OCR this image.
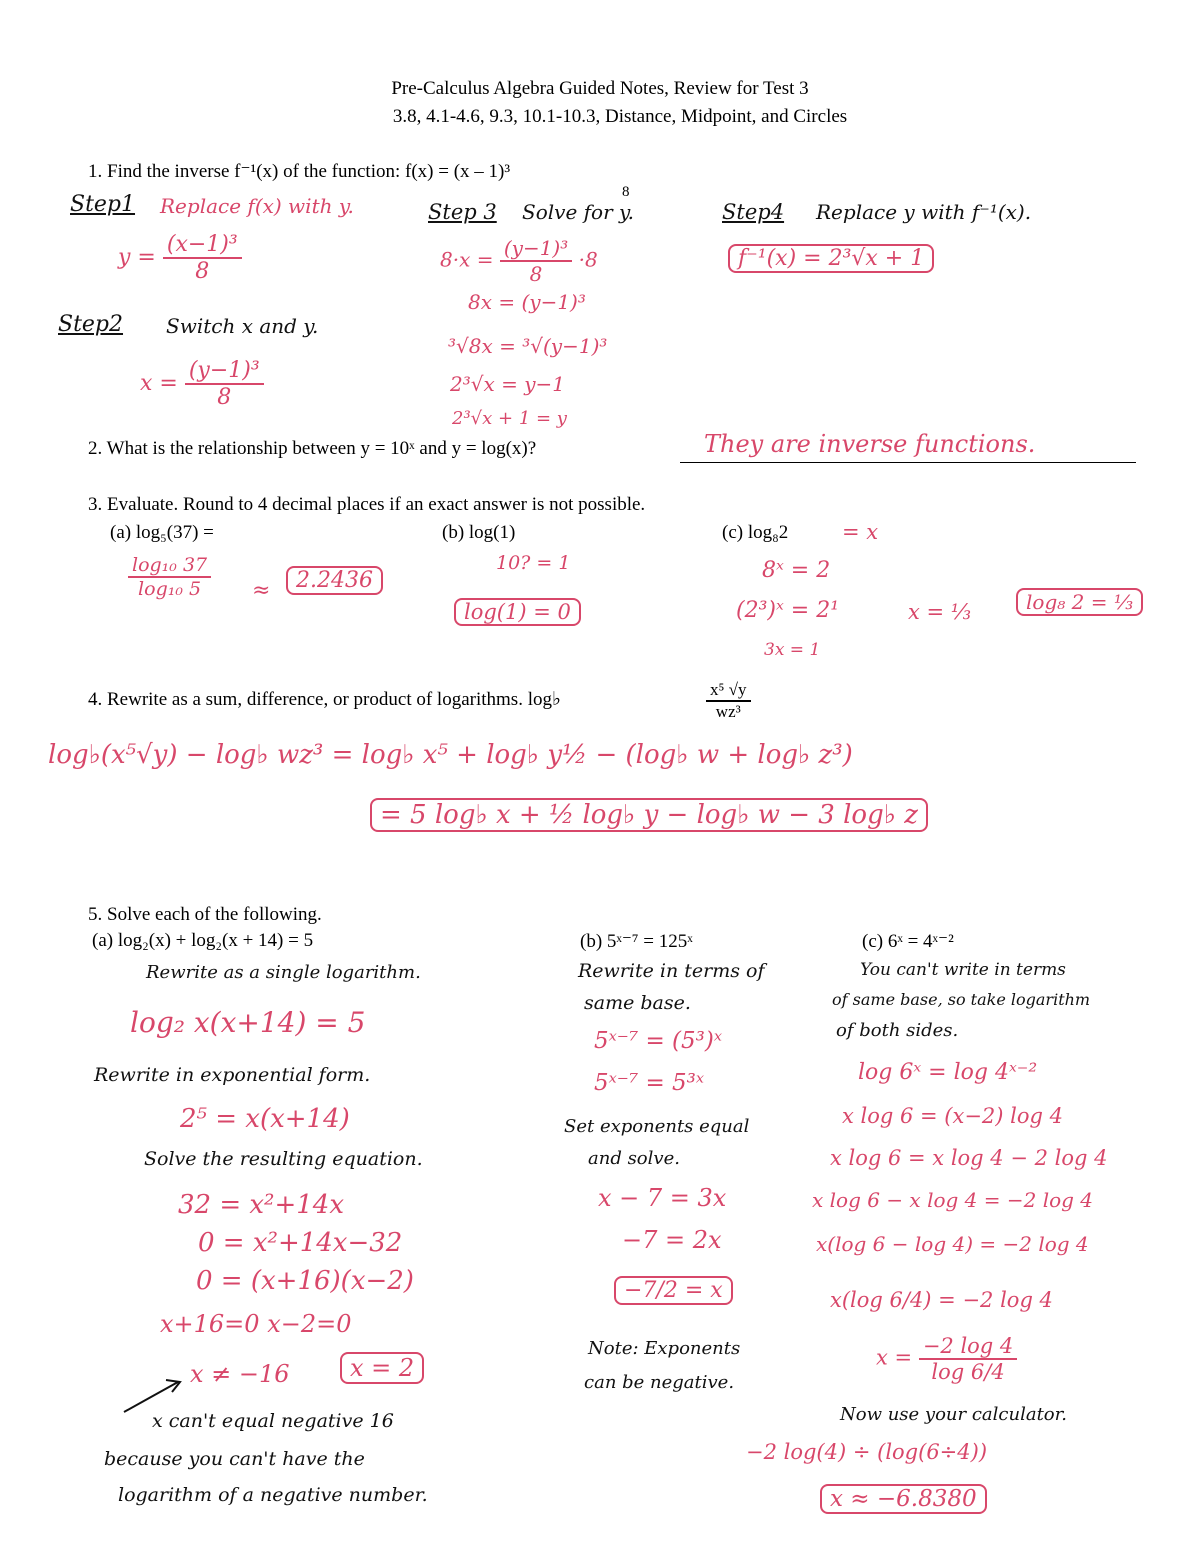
Pre-Calculus Algebra Guided Notes, Review for Test 3
3.8, 4.1-4.6, 9.3, 10.1-10.3, Distance, Midpoint, and Circles
1. Find the inverse f⁻¹(x) of the function: f(x) = (x – 1)³
8
Step1 Replace f(x) with y.
$y = \frac{\text{(x−1)³}}{8}$
Step2 Switch x and y.
$x = \frac{\text{(y−1)³}}{8}$
Step 3 Solve for y.
$8\cdot x = \frac{\text{(y−1)³}}{8} \cdot 8$
8x = (y−1)³
³√8x = ³√(y−1)³
2³√x = y−1
2³√x + 1 = y
Step4 Replace y with f⁻¹(x).
f⁻¹(x) = 2³√x + 1
2. What is the relationship between y = 10ˣ and y = log(x)?	They are inverse functions.
3. Evaluate. Round to 4 decimal places if an exact answer is not possible.
(a) log₅(37) =
$\frac{\text{log₁₀ 37}}{\text{log₁₀ 5}}$ ≈	2.2436
(b) log(1)
10? = 1
log(1) = 0
(c) log₈2	= x
8ˣ = 2
(2³)ˣ = 2¹
3x = 1
x = ⅓	log₈ 2 = ⅓
4. Rewrite as a sum, difference, or product of logarithms. log♭	$\frac{\text{x⁵ √y}}{\text{wz³}}$
log♭(x⁵√y) − log♭ wz³ = log♭ x⁵ + log♭ y½ − (log♭ w + log♭ z³)
= 5 log♭ x + ½ log♭ y − log♭ w − 3 log♭ z
5. Solve each of the following.
(a) log₂(x) + log₂(x + 14) = 5
Rewrite as a single logarithm.
log₂ x(x+14) = 5
Rewrite in exponential form.
2⁵ = x(x+14)
Solve the resulting equation.
32 = x²+14x
0 = x²+14x−32
0 = (x+16)(x−2)
x+16=0 x−2=0
x ≠ −16	x = 2
x can't equal negative 16
because you can't have the
logarithm of a negative number.
(b) 5ˣ⁻⁷ = 125ˣ
Rewrite in terms of
same base.
5ˣ⁻⁷ = (5³)ˣ
5ˣ⁻⁷ = 5³ˣ
Set exponents equal
and solve.
x − 7 = 3x
−7 = 2x
−7/2 = x
Note: Exponents
can be negative.
(c) 6ˣ = 4ˣ⁻²
You can't write in terms
of same base, so take logarithm
of both sides.
log 6ˣ = log 4ˣ⁻²
x log 6 = (x−2) log 4
x log 6 = x log 4 − 2 log 4
x log 6 − x log 4 = −2 log 4
x(log 6 − log 4) = −2 log 4
x(log 6/4) = −2 log 4
$x = \frac{-2 \log 4}{\log 6/4}$
Now use your calculator.
−2 log(4) ÷ (log(6÷4))
x ≈ −6.8380
